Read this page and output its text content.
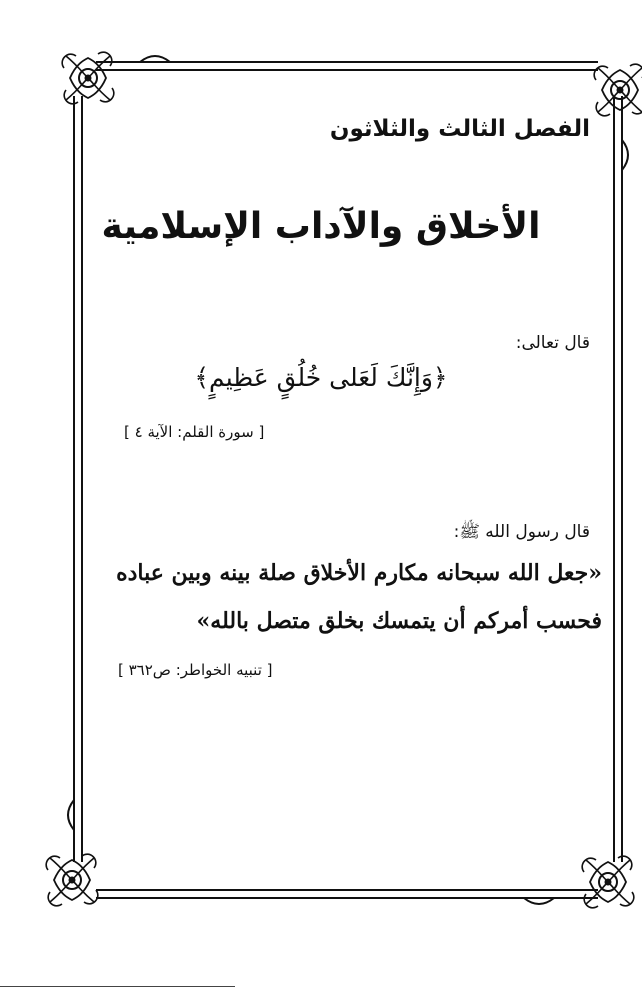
الفصل الثالث والثلاثون
الأخلاق والآداب الإسلامية
قال تعالى:
﴿وَإِنَّكَ لَعَلى خُلُقٍ عَظِيمٍ﴾
[ سورة القلم: الآية ٤ ]
قال رسول الله ﷺ:
«جعل الله سبحانه مكارم الأخلاق صلة بينه وبين عباده
فحسب أمركم أن يتمسك بخلق متصل بالله»
[ تنبيه الخواطر: ص٣٦٢ ]
